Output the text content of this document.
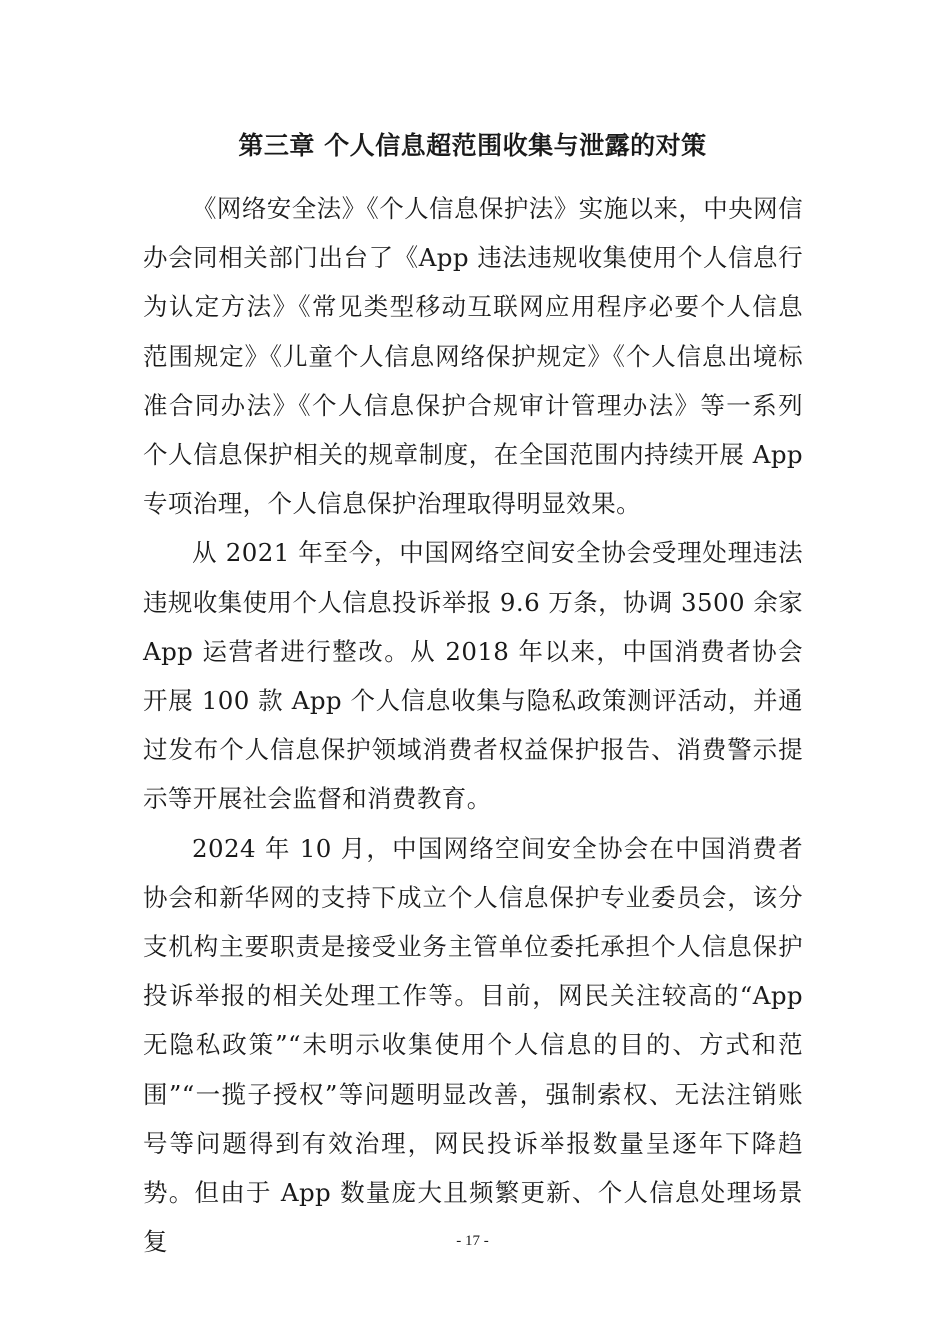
第三章 个人信息超范围收集与泄露的对策

《网络安全法》《个人信息保护法》实施以来，中央网信办会同相关部门出台了《App 违法违规收集使用个人信息行为认定方法》《常见类型移动互联网应用程序必要个人信息范围规定》《儿童个人信息网络保护规定》《个人信息出境标准合同办法》《个人信息保护合规审计管理办法》等一系列个人信息保护相关的规章制度，在全国范围内持续开展 App 专项治理，个人信息保护治理取得明显效果。

从 2021 年至今，中国网络空间安全协会受理处理违法违规收集使用个人信息投诉举报 9.6 万条，协调 3500 余家 App 运营者进行整改。从 2018 年以来，中国消费者协会开展 100 款 App 个人信息收集与隐私政策测评活动，并通过发布个人信息保护领域消费者权益保护报告、消费警示提示等开展社会监督和消费教育。

2024 年 10 月，中国网络空间安全协会在中国消费者协会和新华网的支持下成立个人信息保护专业委员会，该分支机构主要职责是接受业务主管单位委托承担个人信息保护投诉举报的相关处理工作等。目前，网民关注较高的“App 无隐私政策”“未明示收集使用个人信息的目的、方式和范围”“一揽子授权”等问题明显改善，强制索权、无法注销账号等问题得到有效治理，网民投诉举报数量呈逐年下降趋势。但由于 App 数量庞大且频繁更新、个人信息处理场景复	- 17 -
